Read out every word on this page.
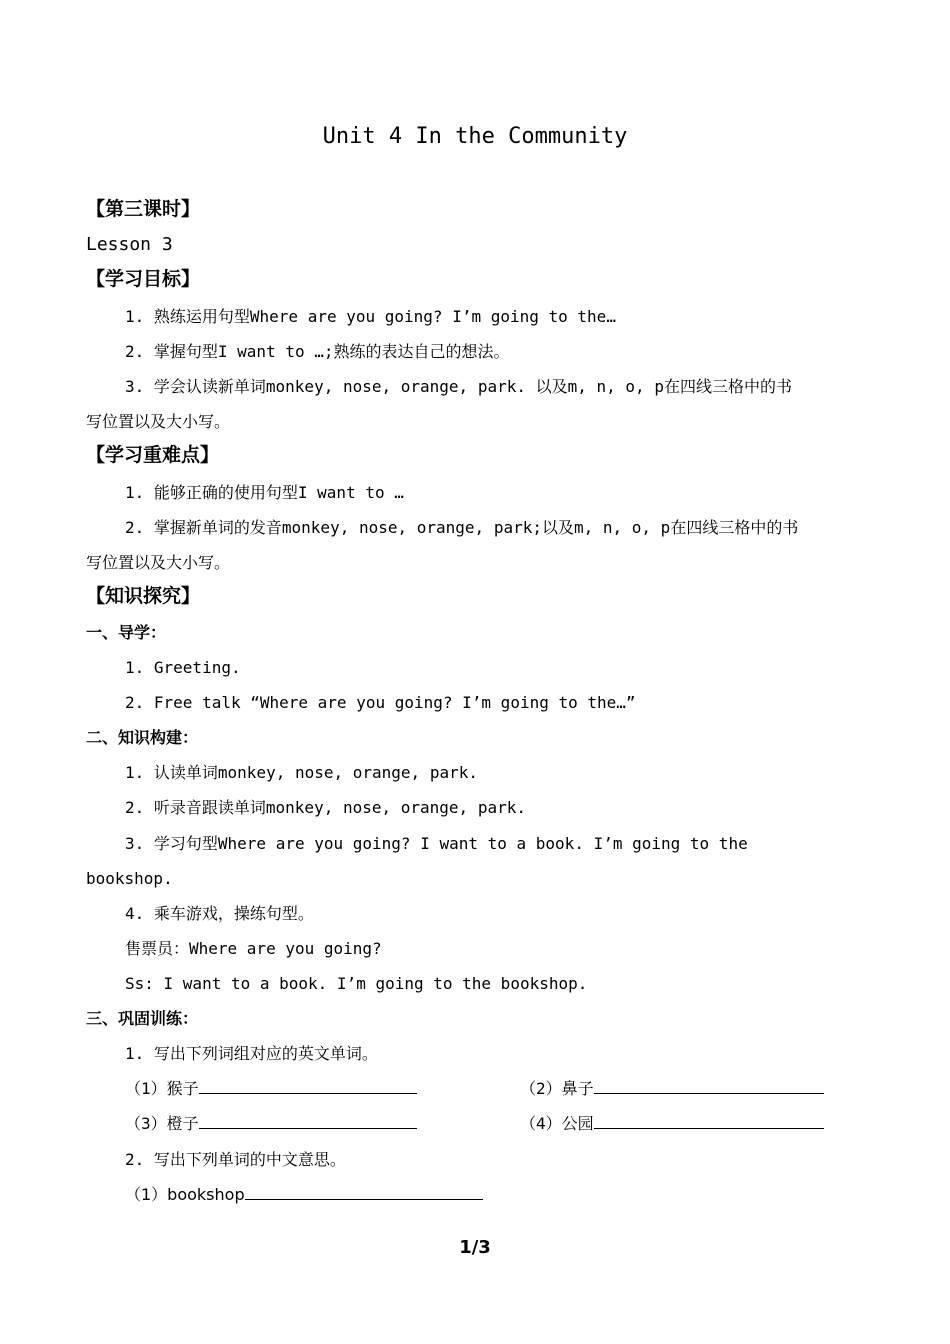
Unit 4 In the Community
【第三课时】
Lesson 3
【学习目标】
1. 熟练运用句型Where are you going? I’m going to the…
2. 掌握句型I want to …;熟练的表达自己的想法。
3. 学会认读新单词monkey, nose, orange, park. 以及m, n, o, p在四线三格中的书
写位置以及大小写。
【学习重难点】
1. 能够正确的使用句型I want to …
2. 掌握新单词的发音monkey, nose, orange, park;以及m, n, o, p在四线三格中的书
写位置以及大小写。
【知识探究】
一、导学：
1. Greeting.
2. Free talk “Where are you going? I’m going to the…”
二、知识构建：
1. 认读单词monkey, nose, orange, park.
2. 听录音跟读单词monkey, nose, orange, park.
3. 学习句型Where are you going? I want to a book. I’m going to the
bookshop.
4. 乘车游戏，操练句型。
售票员：Where are you going?
Ss: I want to a book. I’m going to the bookshop.
三、巩固训练：
1. 写出下列词组对应的英文单词。
（1）猴子	（2）鼻子
（3）橙子	（4）公园
2. 写出下列单词的中文意思。
（1）bookshop
1/3
